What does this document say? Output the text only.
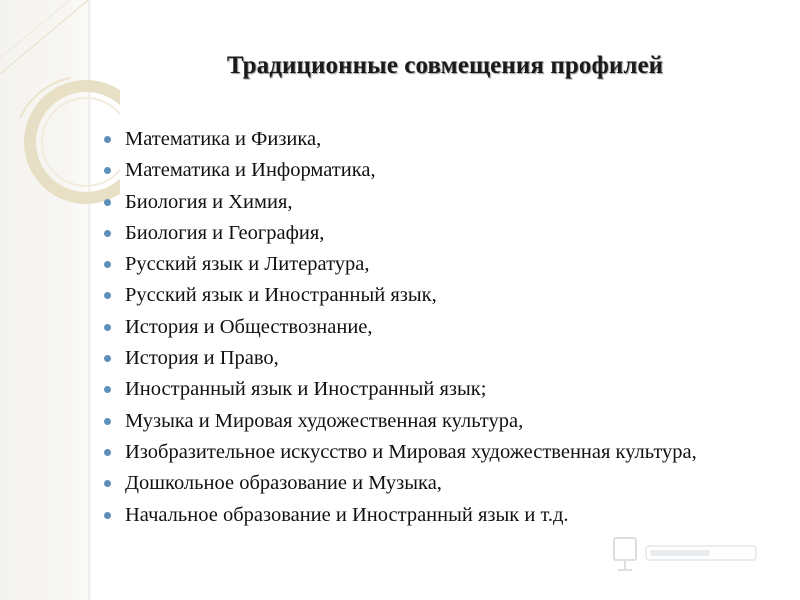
Традиционные совмещения профилей
Математика и Физика,
Математика и Информатика,
Биология и Химия,
Биология и География,
Русский язык и Литература,
Русский язык и Иностранный язык,
История и Обществознание,
История и Право,
Иностранный язык и Иностранный язык;
Музыка и Мировая художественная культура,
Изобразительное искусство и Мировая художественная культура,
Дошкольное образование и Музыка,
Начальное образование и Иностранный язык и т.д.
